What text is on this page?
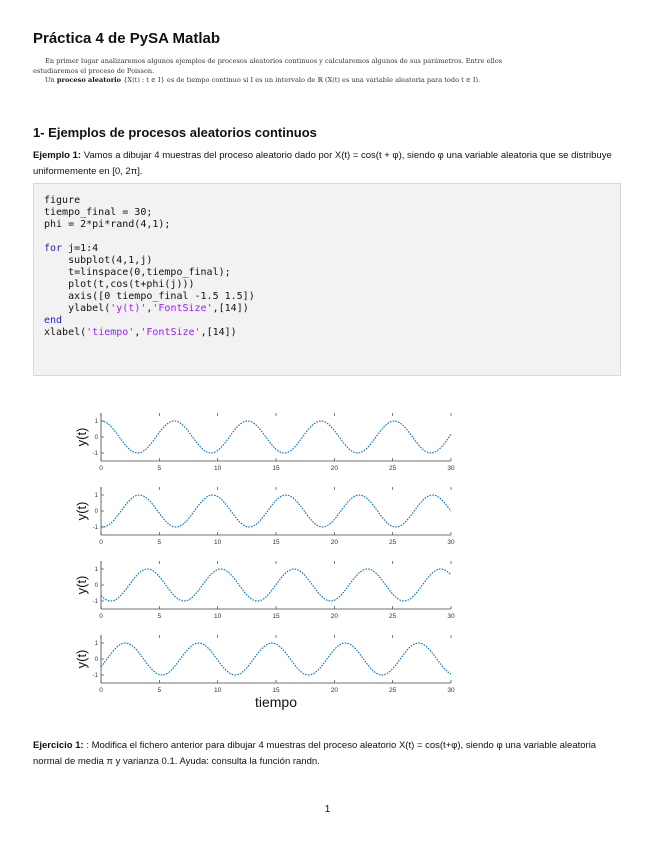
Práctica 4 de PySA Matlab

En primer lugar analizaremos algunos ejemplos de procesos aleatorios continuos y calcularemos algunos de sus parámetros. Entre ellos estudiaremos el proceso de Poisson.

Un proceso aleatorio {X(t) : t ∈ I} es de tiempo continuo si I es un intervalo de ℝ (X(t) es una variable aleatoria para todo t ∈ I).

1- Ejemplos de procesos aleatorios continuos
Ejemplo 1: Vamos a dibujar 4 muestras del proceso aleatorio dado por X(t) = cos(t + φ), siendo φ una variable aleatoria que se distribuye uniformemente en [0, 2π].
figure
tiempo_final = 30;
phi = 2*pi*rand(4,1);

for j=1:4
subplot(4,1,j)
t=linspace(0,tiempo_final);
plot(t,cos(t+phi(j)))
axis([0 tiempo_final -1.5 1.5])
ylabel('y(t)','FontSize',[14])
end
xlabel('tiempo','FontSize',[14])
0	5	10	15	20	25	30
-1
0
1
y(t)
0	5	10	15	20	25	30
-1
0
1
y(t)
0	5	10	15	20	25	30
-1
0
1
y(t)
0	5	10	15	20	25	30
-1
0
1
y(t)
tiempo
Ejercicio 1: : Modifica el fichero anterior para dibujar 4 muestras del proceso aleatorio X(t) = cos(t+φ), siendo φ una variable aleatoria normal de media π y varianza 0.1. Ayuda: consulta la función randn.
1
